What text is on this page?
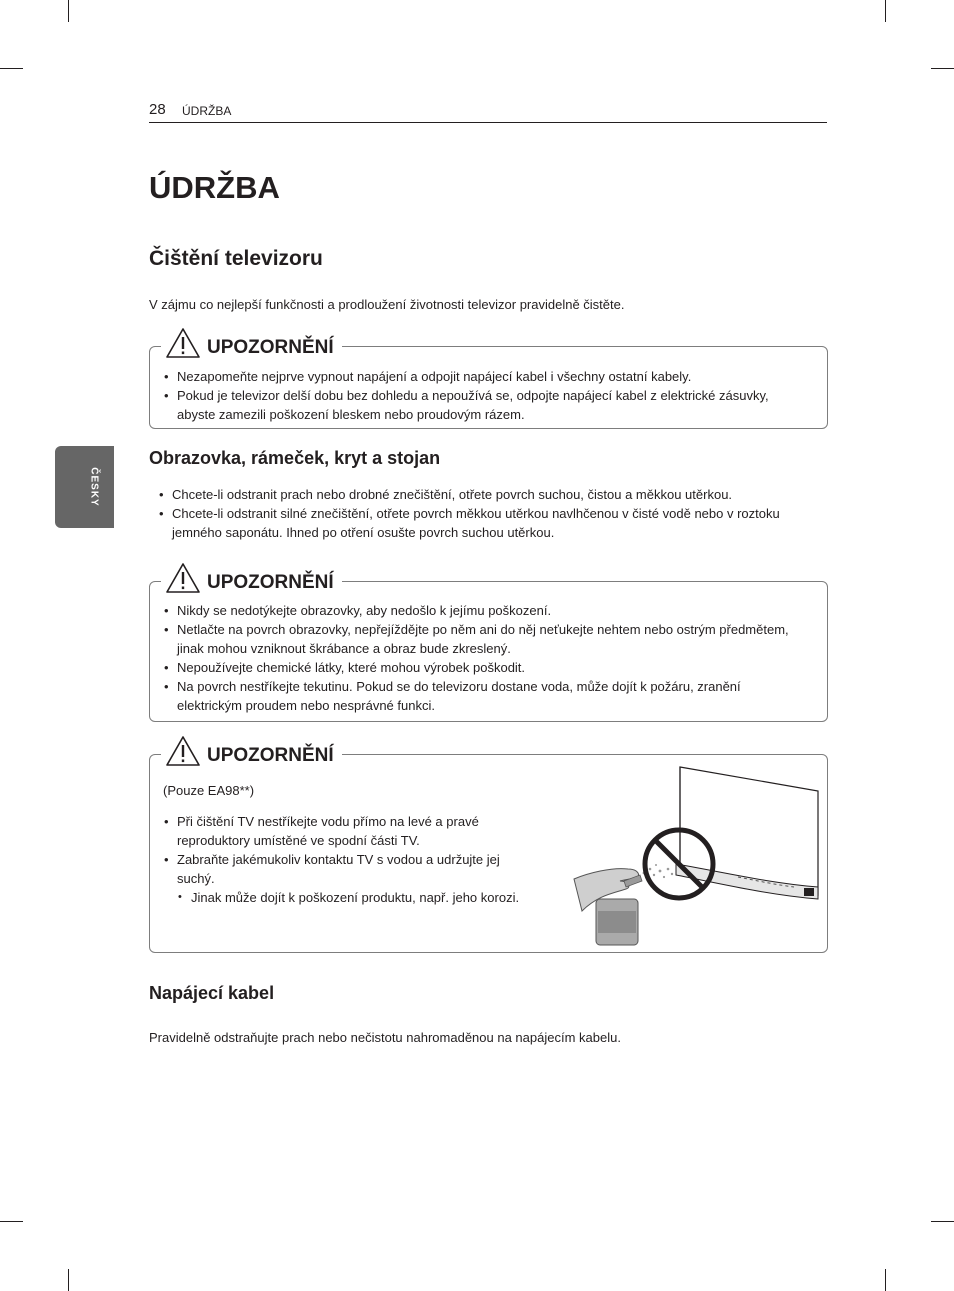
28 ÚDRŽBA
ČESKY
ÚDRŽBA
Čištění televizoru

V zájmu co nejlepší funkčnosti a prodloužení životnosti televizor pravidelně čistěte.

UPOZORNĚNÍ
• Nezapomeňte nejprve vypnout napájení a odpojit napájecí kabel i všechny ostatní kabely.
• Pokud je televizor delší dobu bez dohledu a nepoužívá se, odpojte napájecí kabel z elektrické zásuvky, abyste zamezili poškození bleskem nebo proudovým rázem.
Obrazovka, rámeček, kryt a stojan
• Chcete-li odstranit prach nebo drobné znečištění, otřete povrch suchou, čistou a měkkou utěrkou.
• Chcete-li odstranit silné znečištění, otřete povrch měkkou utěrkou navlhčenou v čisté vodě nebo v roztoku jemného saponátu. Ihned po otření osušte povrch suchou utěrkou.
UPOZORNĚNÍ
• Nikdy se nedotýkejte obrazovky, aby nedošlo k jejímu poškození.
• Netlačte na povrch obrazovky, nepřejíždějte po něm ani do něj neťukejte nehtem nebo ostrým předmětem, jinak mohou vzniknout škrábance a obraz bude zkreslený.
• Nepoužívejte chemické látky, které mohou výrobek poškodit.
• Na povrch nestříkejte tekutinu. Pokud se do televizoru dostane voda, může dojít k požáru, zranění elektrickým proudem nebo nesprávné funkci.
UPOZORNĚNÍ
(Pouze EA98**)
• Při čištění TV nestříkejte vodu přímo na levé a pravé reproduktory umístěné ve spodní části TV.
• Zabraňte jakémukoliv kontaktu TV s vodou a udržujte jej suchý.
• Jinak může dojít k poškození produktu, např. jeho korozi.
Napájecí kabel

Pravidelně odstraňujte prach nebo nečistotu nahromaděnou na napájecím kabelu.
